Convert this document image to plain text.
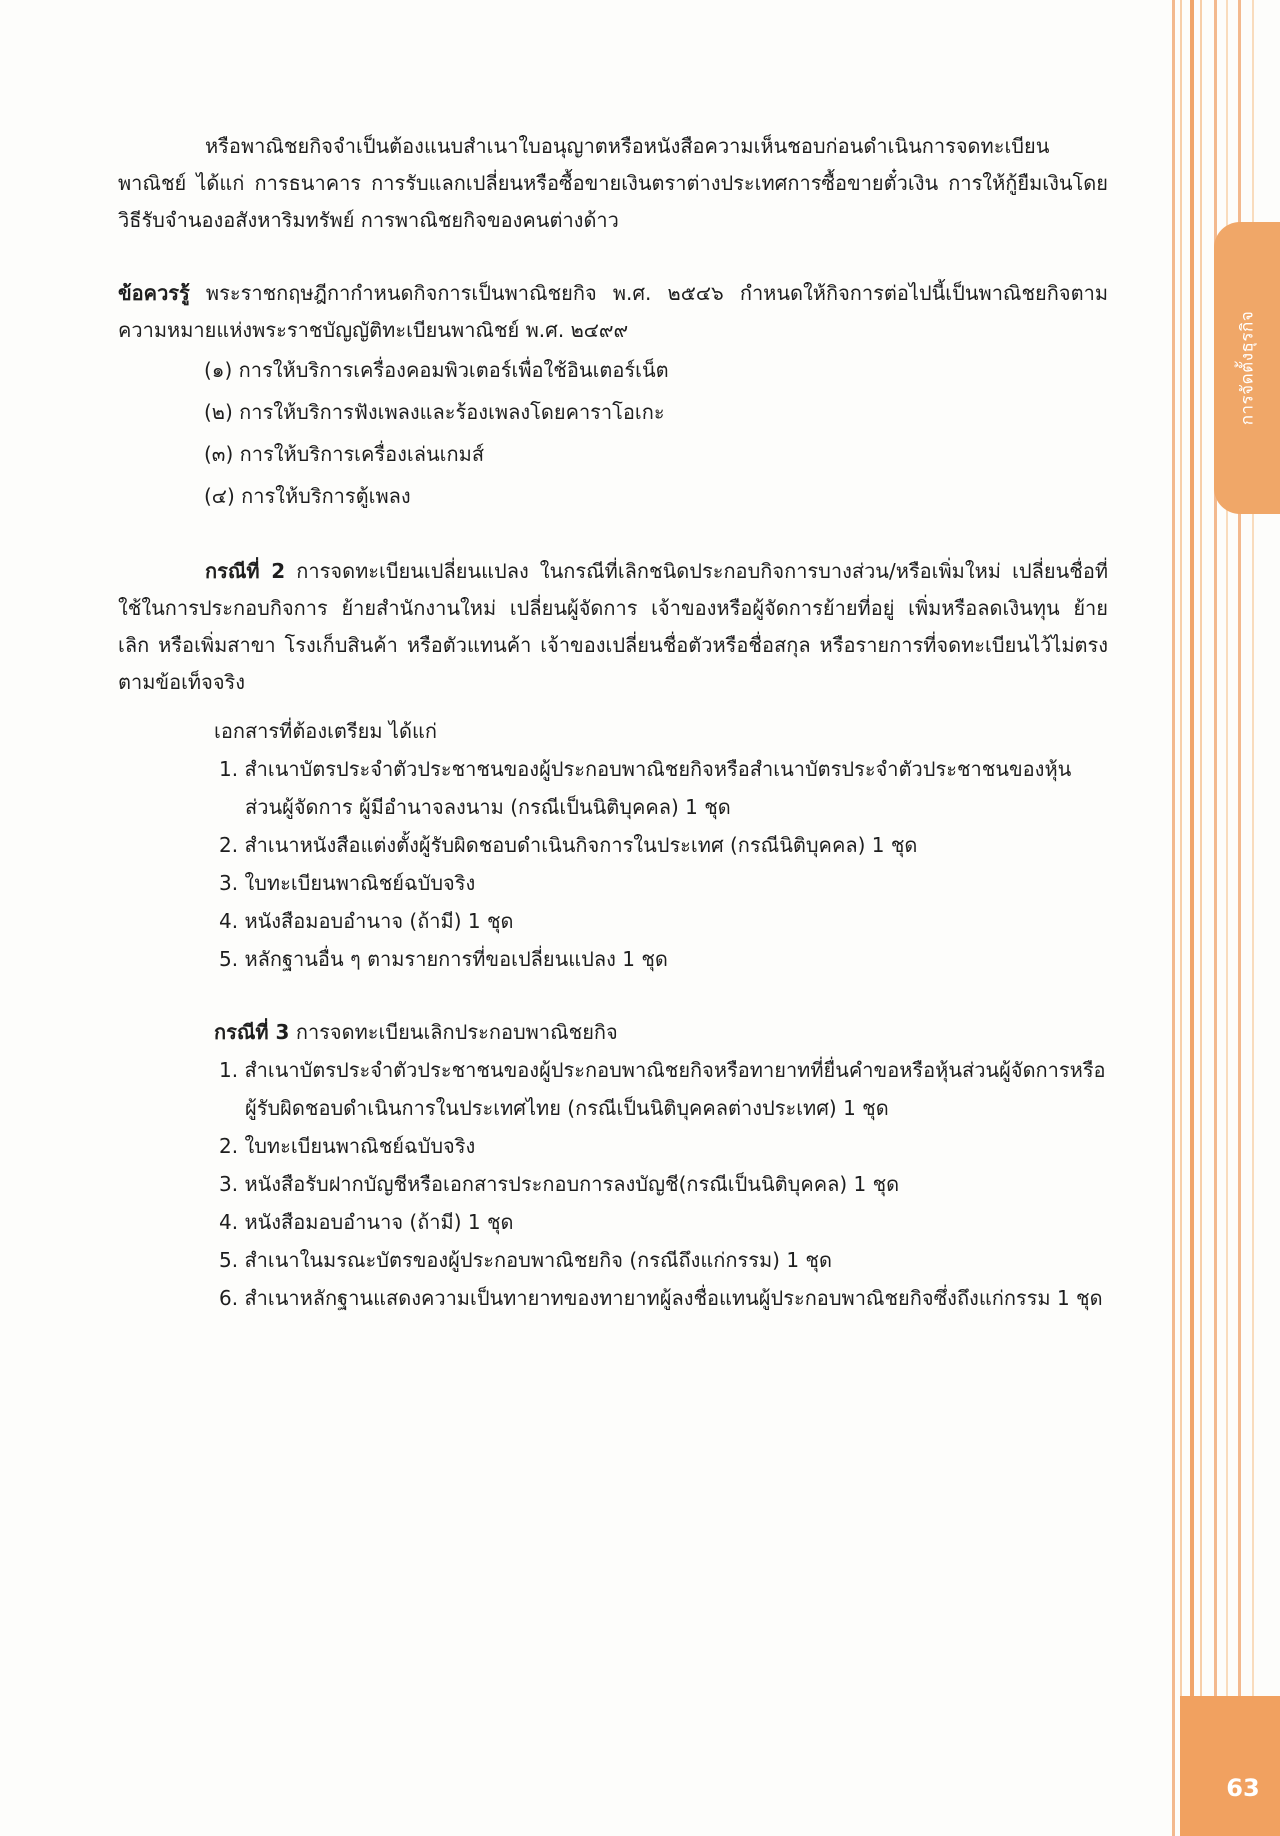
การจัดตั้งธุรกิจ
63

หรือพาณิชยกิจจำเป็นต้องแนบสำเนาใบอนุญาตหรือหนังสือความเห็นชอบก่อนดำเนินการจดทะเบียนพาณิชย์ ได้แก่ การธนาคาร การรับแลกเปลี่ยนหรือซื้อขายเงินตราต่างประเทศการซื้อขายตั๋วเงิน การให้กู้ยืมเงินโดยวิธีรับจำนองอสังหาริมทรัพย์ การพาณิชยกิจของคนต่างด้าว

ข้อควรรู้ พระราชกฤษฎีกากำหนดกิจการเป็นพาณิชยกิจ พ.ศ. ๒๕๔๖ กำหนดให้กิจการต่อไปนี้เป็นพาณิชยกิจตามความหมายแห่งพระราชบัญญัติทะเบียนพาณิชย์ พ.ศ. ๒๔๙๙

(๑) การให้บริการเครื่องคอมพิวเตอร์เพื่อใช้อินเตอร์เน็ต

(๒) การให้บริการฟังเพลงและร้องเพลงโดยคาราโอเกะ

(๓) การให้บริการเครื่องเล่นเกมส์

(๔) การให้บริการตู้เพลง

กรณีที่ 2 การจดทะเบียนเปลี่ยนแปลง ในกรณีที่เลิกชนิดประกอบกิจการบางส่วน/หรือเพิ่มใหม่ เปลี่ยนชื่อที่ใช้ในการประกอบกิจการ ย้ายสำนักงานใหม่ เปลี่ยนผู้จัดการ เจ้าของหรือผู้จัดการย้ายที่อยู่ เพิ่มหรือลดเงินทุน ย้าย เลิก หรือเพิ่มสาขา โรงเก็บสินค้า หรือตัวแทนค้า เจ้าของเปลี่ยนชื่อตัวหรือชื่อสกุล หรือรายการที่จดทะเบียนไว้ไม่ตรงตามข้อเท็จจริง

เอกสารที่ต้องเตรียม ได้แก่

1. สำเนาบัตรประจำตัวประชาชนของผู้ประกอบพาณิชยกิจหรือสำเนาบัตรประจำตัวประชาชนของหุ้นส่วนผู้จัดการ ผู้มีอำนาจลงนาม (กรณีเป็นนิติบุคคล) 1 ชุด
2. สำเนาหนังสือแต่งตั้งผู้รับผิดชอบดำเนินกิจการในประเทศ (กรณีนิติบุคคล) 1 ชุด
3. ใบทะเบียนพาณิชย์ฉบับจริง
4. หนังสือมอบอำนาจ (ถ้ามี) 1 ชุด
5. หลักฐานอื่น ๆ ตามรายการที่ขอเปลี่ยนแปลง 1 ชุด

กรณีที่ 3 การจดทะเบียนเลิกประกอบพาณิชยกิจ

1. สำเนาบัตรประจำตัวประชาชนของผู้ประกอบพาณิชยกิจหรือทายาทที่ยื่นคำขอหรือหุ้นส่วนผู้จัดการหรือผู้รับผิดชอบดำเนินการในประเทศไทย (กรณีเป็นนิติบุคคลต่างประเทศ) 1 ชุด
2. ใบทะเบียนพาณิชย์ฉบับจริง
3. หนังสือรับฝากบัญชีหรือเอกสารประกอบการลงบัญชี(กรณีเป็นนิติบุคคล) 1 ชุด
4. หนังสือมอบอำนาจ (ถ้ามี) 1 ชุด
5. สำเนาในมรณะบัตรของผู้ประกอบพาณิชยกิจ (กรณีถึงแก่กรรม) 1 ชุด
6. สำเนาหลักฐานแสดงความเป็นทายาทของทายาทผู้ลงชื่อแทนผู้ประกอบพาณิชยกิจซึ่งถึงแก่กรรม 1 ชุด
